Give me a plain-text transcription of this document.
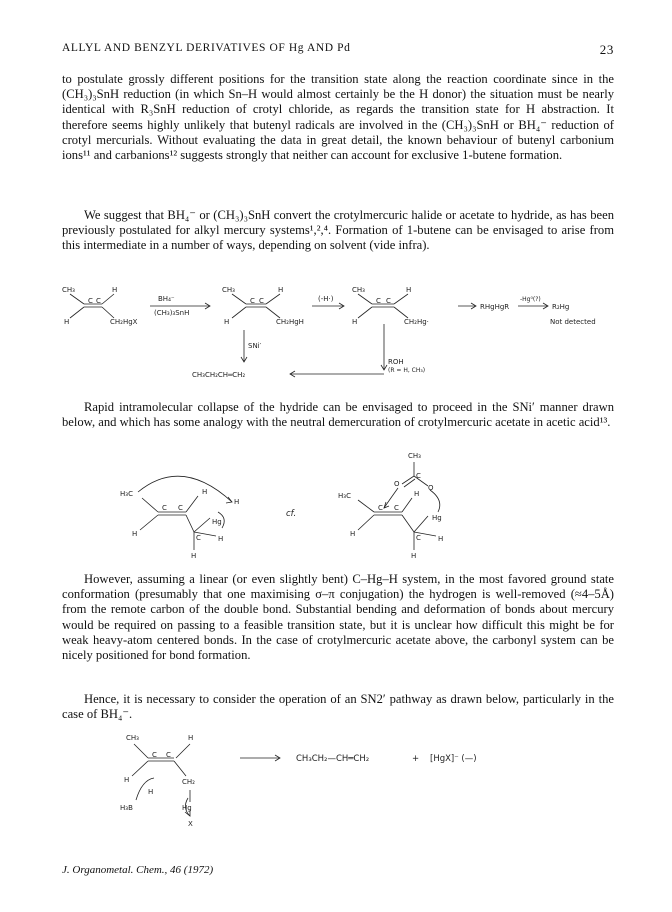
ALLYL AND BENZYL DERIVATIVES OF Hg AND Pd	23

to postulate grossly different positions for the transition state along the reaction coordinate since in the (CH₃)₃SnH reduction (in which Sn–H would almost certainly be the H donor) the situation must be nearly identical with R₃SnH reduction of crotyl chloride, as regards the transition state for H abstraction. It therefore seems highly unlikely that butenyl radicals are involved in the (CH₃)₃SnH or BH₄⁻ reduction of crotyl mercurials. Without evaluating the data in great detail, the known behaviour of butenyl carbonium ions¹¹ and carbanions¹² suggests strongly that neither can account for exclusive 1-butene formation.

We suggest that BH₄⁻ or (CH₃)₃SnH convert the crotylmercuric halide or acetate to hydride, as has been previously postulated for alkyl mercury systems¹,²,⁴. Formation of 1-butene can be envisaged to arise from this intermediate in a number of ways, depending on solvent (vide infra).

CH₃	H
C C
H	CH₂HgX
BH₄⁻
(CH₃)₃SnH
CH₃	H
C C
H	CH₂HgH
(-H·)
CH₃	H
C C
H	CH₂Hg·
RHgHgR
-Hg⁰(?)
R₂Hg
Not detected
SNi′
ROH
(R = H, CH₃)
CH₃CH₂CH═CH₂

Rapid intramolecular collapse of the hydride can be envisaged to proceed in the SNi′ manner drawn below, and which has some analogy with the neutral demercuration of crotylmercuric acetate in acetic acid¹³.

H₃C	H
H
C C
Hg
H	C H
H
cf.
CH₃
C
O	O
H₃C	H
C C
Hg
H	C H
H

However, assuming a linear (or even slightly bent) C–Hg–H system, in the most favored ground state conformation (presumably that one maximising σ–π conjugation) the hydrogen is well-removed (≈4–5Å) from the remote carbon of the double bond. Substantial bending and deformation of bonds about mercury would be required on passing to a feasible transition state, but it is unclear how difficult this might be for weak heavy-atom centered bonds. In the case of crotylmercuric acetate above, the carbonyl system can be nicely positioned for bond formation.

Hence, it is necessary to consider the operation of an SN2′ pathway as drawn below, particularly in the case of BH₄⁻.

CH₃	H
C C
H	CH₂
H
Hg
H₃B
X
CH₃CH₂—CH═CH₂	+ [HgX]⁻ (—)
J. Organometal. Chem., 46 (1972)
